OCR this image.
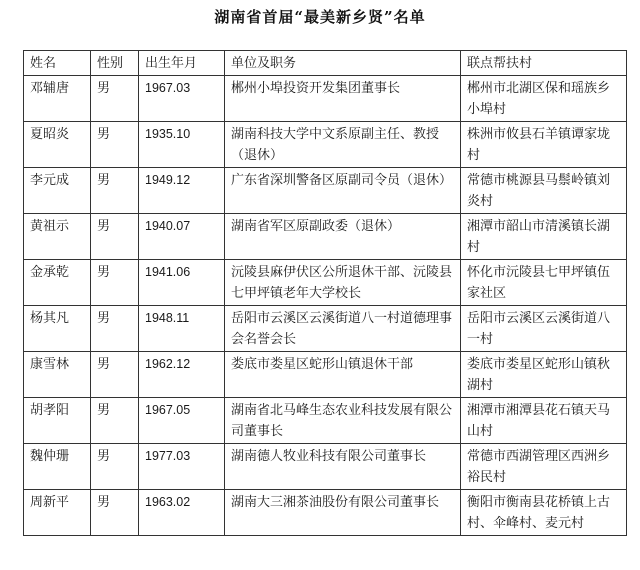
湖南省首届“最美新乡贤”名单
姓名	性别	出生年月	单位及职务	联点帮扶村
邓辅唐	男	1967.03	郴州小埠投资开发集团董事长	郴州市北湖区保和瑶族乡小埠村
夏昭炎	男	1935.10	湖南科技大学中文系原副主任、教授（退休）	株洲市攸县石羊镇谭家垅村
李元成	男	1949.12	广东省深圳警备区原副司令员（退休）	常德市桃源县马鬃岭镇刘炎村
黄祖示	男	1940.07	湖南省军区原副政委（退休）	湘潭市韶山市清溪镇长湖村
金承乾	男	1941.06	沅陵县麻伊伏区公所退休干部、沅陵县七甲坪镇老年大学校长	怀化市沅陵县七甲坪镇伍家社区
杨其凡	男	1948.11	岳阳市云溪区云溪街道八一村道德理事会名誉会长	岳阳市云溪区云溪街道八一村
康雪林	男	1962.12	娄底市娄星区蛇形山镇退休干部	娄底市娄星区蛇形山镇秋湖村
胡孝阳	男	1967.05	湖南省北马峰生态农业科技发展有限公司董事长	湘潭市湘潭县花石镇天马山村
魏仲珊	男	1977.03	湖南德人牧业科技有限公司董事长	常德市西湖管理区西洲乡裕民村
周新平	男	1963.02	湖南大三湘茶油股份有限公司董事长	衡阳市衡南县花桥镇上古村、伞峰村、麦元村
